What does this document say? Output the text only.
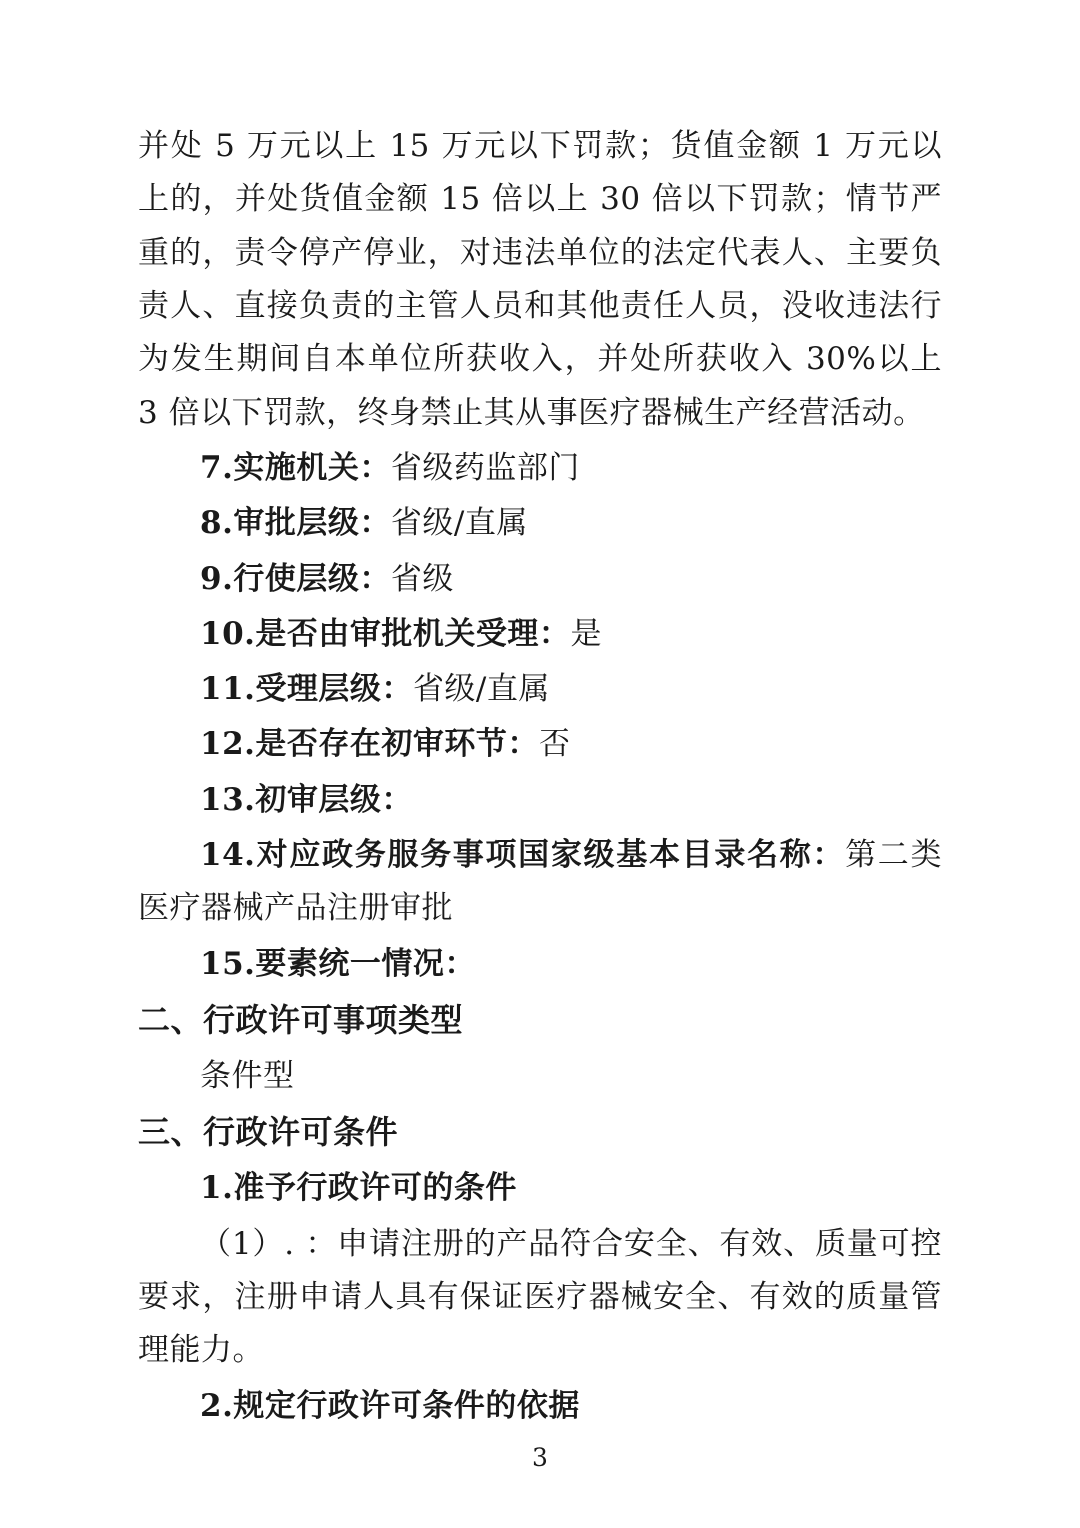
并处 5 万元以上 15 万元以下罚款；货值金额 1 万元以上的，并处货值金额 15 倍以上 30 倍以下罚款；情节严重的，责令停产停业，对违法单位的法定代表人、主要负责人、直接负责的主管人员和其他责任人员，没收违法行为发生期间自本单位所获收入，并处所获收入 30%以上 3 倍以下罚款，终身禁止其从事医疗器械生产经营活动。

7.实施机关：省级药监部门

8.审批层级：省级/直属

9.行使层级：省级

10.是否由审批机关受理：是

11.受理层级：省级/直属

12.是否存在初审环节：否

13.初审层级：

14.对应政务服务事项国家级基本目录名称：第二类医疗器械产品注册审批

15.要素统一情况：

二、行政许可事项类型

条件型

三、行政许可条件

1.准予行政许可的条件

（1）. ：申请注册的产品符合安全、有效、质量可控要求，注册申请人具有保证医疗器械安全、有效的质量管理能力。

2.规定行政许可条件的依据

3
